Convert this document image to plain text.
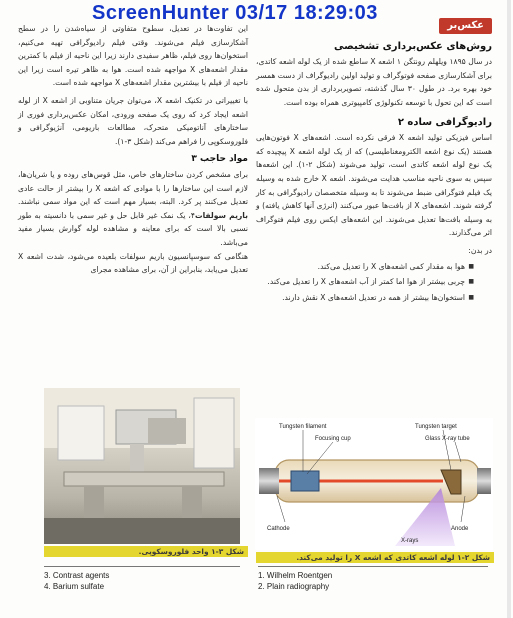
ScreenHunter 03/17 18:29:03
عکس‌بر
روش‌های عکس‌برداری تشخیصی

در سال ۱۸۹۵ ویلهلم رونتگن ۱ اشعه X ساطع شده از یک لوله اشعه کاتدی، برای آشکارسازی صفحه فوتوگراف و تولید اولین رادیوگراف از دست همسر خود بهره برد. در طول ۳۰ سال گذشته، تصویربرداری از بدن متحول شده است که این تحول با توسعه تکنولوژی کامپیوتری همراه بوده است.

رادیوگرافی ساده ۲

اساس فیزیکی تولید اشعه X فرقی نکرده است. اشعه‌های X فوتون‌هایی هستند (یک نوع اشعه الکترومغناطیسی) که از یک لوله اشعه X پیچیده که یک نوع لوله اشعه کاتدی است، تولید می‌شوند (شکل ۲-۱). این اشعه‌ها سپس به سوی ناحیه مناسب هدایت می‌شوند. اشعه X خارج شده به وسیله یک فیلم فتوگرافی ضبط می‌شوند تا به وسیله متخصصان رادیوگرافی به کار گرفته شوند. اشعه‌های X از بافت‌ها عبور می‌کنند (انرژی آنها کاهش یافته) و به وسیله بافت‌ها تعدیل می‌شوند. این اشعه‌های ایکس روی فیلم فتوگراف اثر می‌گذارند.

در بدن:

■ هوا به مقدار کمی اشعه‌های X را تعدیل می‌کند.
■ چربی بیشتر از هوا اما کمتر از آب اشعه‌های X را تعدیل می‌کند.
■ استخوان‌ها بیشتر از همه در تعدیل اشعه‌های X نقش دارند.
Tungsten filament
Focusing cup
Tungsten target
Glass X-ray tube
Cathode	Anode
X-rays
شکل ۲-۱ لوله اشعه کاتدی که اشعه X را تولید می‌کند.

این تفاوت‌ها در تعدیل، سطوح متفاوتی از سیاه‌شدن را در سطح آشکارسازی فیلم می‌شوند. وقتی فیلم رادیوگرافی تهیه می‌کنیم، استخوان‌ها روی فیلم، ظاهر سفیدی دارند زیرا این ناحیه از فیلم با کمترین مقدار اشعه‌های X مواجهه شده است. هوا به ظاهر تیره است زیرا این ناحیه از فیلم با بیشترین مقدار اشعه‌های X مواجهه شده است.

با تغییراتی در تکنیک اشعه X، می‌توان جریان متناوبی از اشعه X از لوله اشعه ایجاد کرد که روی یک صفحه ورودی، امکان عکس‌برداری فوری از ساختارهای آناتومیکی متحرک، مطالعات باریومی، آنژیوگرافی و فلوروسکوپی را فراهم می‌کند (شکل ۳-۱).

مواد حاجب ۳

برای مشخص کردن ساختارهای خاص، مثل قوس‌های روده و یا شریان‌ها، لازم است این ساختارها را با موادی که اشعه X را بیشتر از حالت عادی تعدیل می‌کنند پر کرد. البته، بسیار مهم است که این مواد سمی نباشند. باریم سولفات۴، یک نمک غیر قابل حل و غیر سمی با دانسیته به طور نسبی بالا است که برای معاینه و مشاهده لوله گوارش بسیار مفید می‌باشد.

هنگامی که سوسپانسیون باریم سولفات بلعیده می‌شود، شدت اشعه X تعدیل می‌یابد، بنابراین از آن، برای مشاهده مجرای

شکل ۳-۱ واحد فلوروسکوپی.
3. Contrast agents
4. Barium sulfate
1. Wilhelm Roentgen
2. Plain radiography
